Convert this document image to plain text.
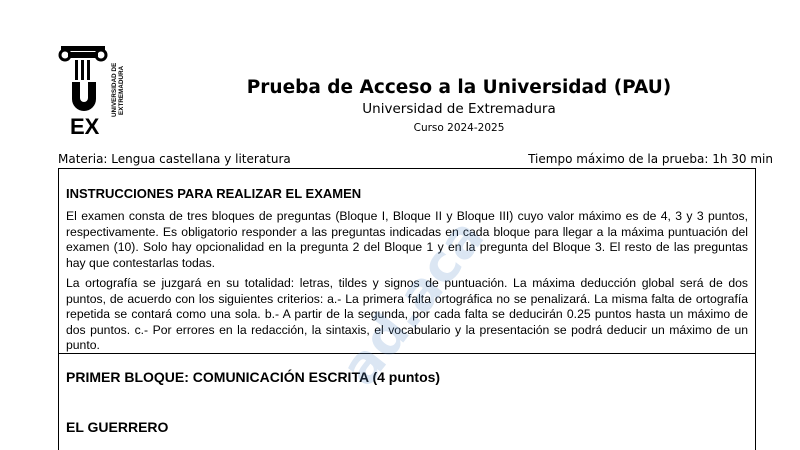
EX
UNIVERSIDAD DE EXTREMADURA	Prueba de Acceso a la Universidad (PAU)
Universidad de Extremadura
Curso 2024-2025
Materia: Lengua castellana y literatura	Tiempo máximo de la prueba: 1h 30 min
INSTRUCCIONES PARA REALIZAR EL EXAMEN
El examen consta de tres bloques de preguntas (Bloque I, Bloque II y Bloque III) cuyo valor máximo es de 4, 3 y 3 puntos, respectivamente. Es obligatorio responder a las preguntas indicadas en cada bloque para llegar a la máxima puntuación del examen (10). Solo hay opcionalidad en la pregunta 2 del Bloque 1 y en la pregunta del Bloque 3. El resto de las preguntas hay que contestarlas todas.
La ortografía se juzgará en su totalidad: letras, tildes y signos de puntuación. La máxima deducción global será de dos puntos, de acuerdo con los siguientes criterios: a.- La primera falta ortográfica no se penalizará. La misma falta de ortografía repetida se contará como una sola. b.- A partir de la segunda, por cada falta se deducirán 0.25 puntos hasta un máximo de dos puntos. c.- Por errores en la redacción, la sintaxis, el vocabulario y la presentación se podrá deducir un máximo de un punto.
PRIMER BLOQUE: COMUNICACIÓN ESCRITA (4 puntos)
EL GUERRERO
ad.aca
